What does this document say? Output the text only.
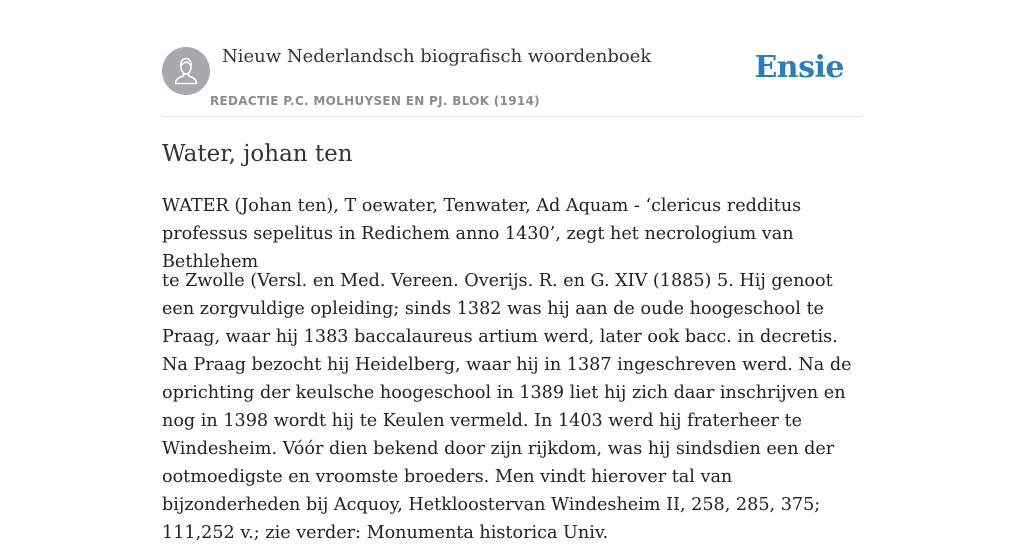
Nieuw Nederlandsch biografisch woordenboek
REDACTIE P.C. MOLHUYSEN EN PJ. BLOK (1914)
Ensie
Water, johan ten

WATER (Johan ten), T oewater, Tenwater, Ad Aquam - ‘clericus redditus professus sepelitus in Redichem anno 1430’, zegt het necrologium van Bethlehem

te Zwolle (Versl. en Med. Vereen. Overijs. R. en G. XIV (1885) 5. Hij genoot een zorgvuldige opleiding; sinds 1382 was hij aan de oude hoogeschool te Praag, waar hij 1383 baccalaureus artium werd, later ook bacc. in decretis. Na Praag bezocht hij Heidelberg, waar hij in 1387 ingeschreven werd. Na de oprichting der keulsche hoogeschool in 1389 liet hij zich daar inschrijven en nog in 1398 wordt hij te Keulen vermeld. In 1403 werd hij fraterheer te Windesheim. Vóór dien bekend door zijn rijkdom, was hij sindsdien een der ootmoedigste en vroomste broeders. Men vindt hierover tal van bijzonderheden bij Acquoy, Hetkloostervan Windesheim II, 258, 285, 375; 111,252 v.; zie verder: Monumenta historica Univ.
